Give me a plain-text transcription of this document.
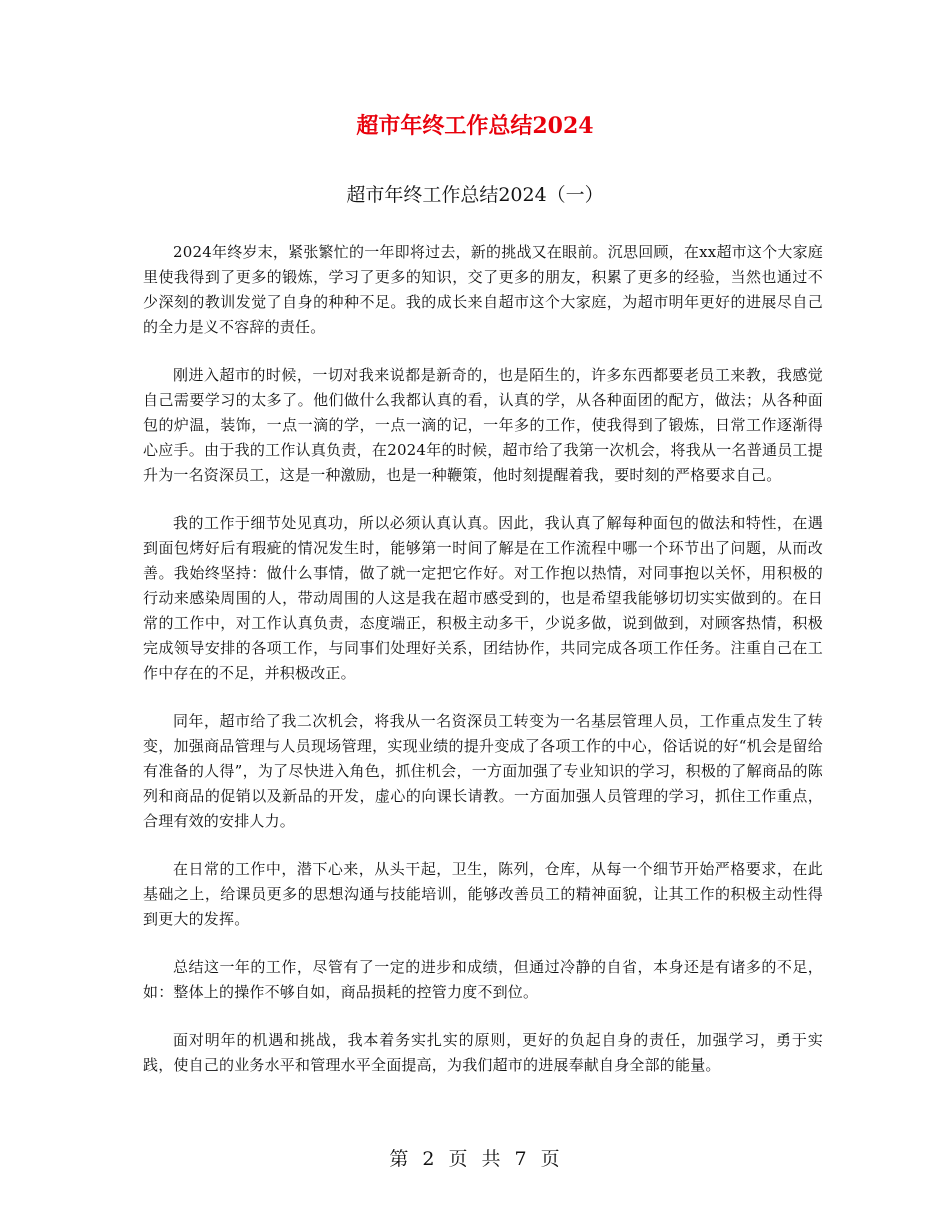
超市年终工作总结2024
超市年终工作总结2024（一）

2024年终岁末，紧张繁忙的一年即将过去，新的挑战又在眼前。沉思回顾，在xx超市这个大家庭里使我得到了更多的锻炼，学习了更多的知识，交了更多的朋友，积累了更多的经验，当然也通过不少深刻的教训发觉了自身的种种不足。我的成长来自超市这个大家庭，为超市明年更好的进展尽自己的全力是义不容辞的责任。

刚进入超市的时候，一切对我来说都是新奇的，也是陌生的，许多东西都要老员工来教，我感觉自己需要学习的太多了。他们做什么我都认真的看，认真的学，从各种面团的配方，做法；从各种面包的炉温，装饰，一点一滴的学，一点一滴的记，一年多的工作，使我得到了锻炼，日常工作逐渐得心应手。由于我的工作认真负责，在2024年的时候，超市给了我第一次机会，将我从一名普通员工提升为一名资深员工，这是一种激励，也是一种鞭策，他时刻提醒着我，要时刻的严格要求自己。

我的工作于细节处见真功，所以必须认真认真。因此，我认真了解每种面包的做法和特性，在遇到面包烤好后有瑕疵的情况发生时，能够第一时间了解是在工作流程中哪一个环节出了问题，从而改善。我始终坚持：做什么事情，做了就一定把它作好。对工作抱以热情，对同事抱以关怀，用积极的行动来感染周围的人，带动周围的人这是我在超市感受到的，也是希望我能够切切实实做到的。在日常的工作中，对工作认真负责，态度端正，积极主动多干，少说多做，说到做到，对顾客热情，积极完成领导安排的各项工作，与同事们处理好关系，团结协作，共同完成各项工作任务。注重自己在工作中存在的不足，并积极改正。

同年，超市给了我二次机会，将我从一名资深员工转变为一名基层管理人员，工作重点发生了转变，加强商品管理与人员现场管理，实现业绩的提升变成了各项工作的中心，俗话说的好“机会是留给有准备的人得”，为了尽快进入角色，抓住机会，一方面加强了专业知识的学习，积极的了解商品的陈列和商品的促销以及新品的开发，虚心的向课长请教。一方面加强人员管理的学习，抓住工作重点，合理有效的安排人力。

在日常的工作中，潜下心来，从头干起，卫生，陈列，仓库，从每一个细节开始严格要求，在此基础之上，给课员更多的思想沟通与技能培训，能够改善员工的精神面貌，让其工作的积极主动性得到更大的发挥。

总结这一年的工作，尽管有了一定的进步和成绩，但通过冷静的自省，本身还是有诸多的不足，如：整体上的操作不够自如，商品损耗的控管力度不到位。

面对明年的机遇和挑战，我本着务实扎实的原则，更好的负起自身的责任，加强学习，勇于实践，使自己的业务水平和管理水平全面提高，为我们超市的进展奉献自身全部的能量。

第 2 页 共 7 页
